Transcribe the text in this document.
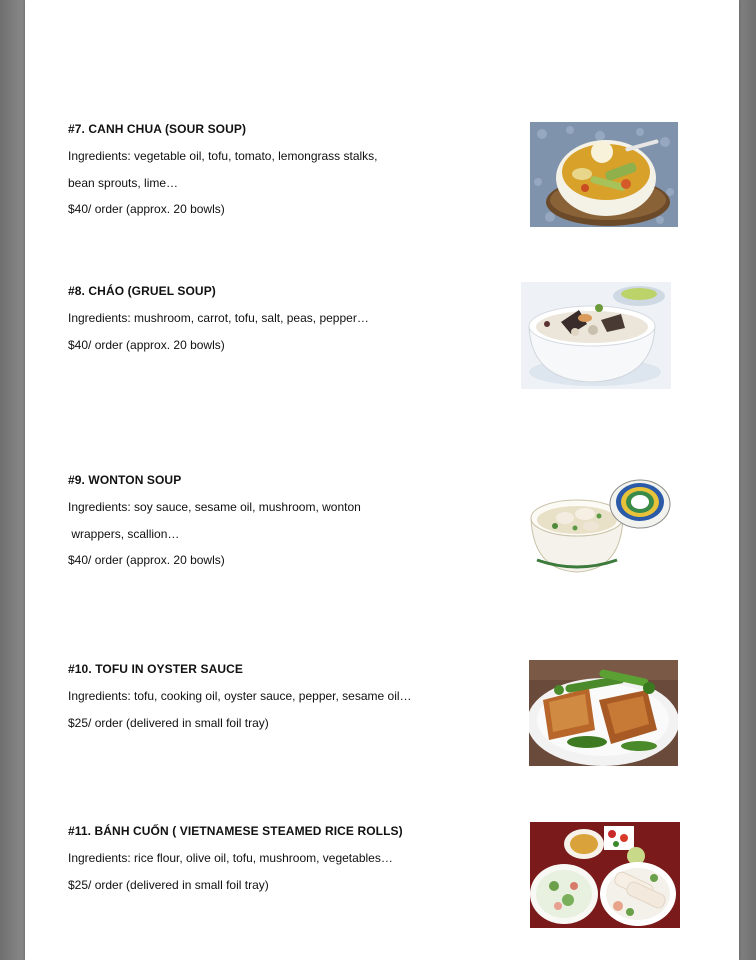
#7. CANH CHUA (SOUR SOUP)
Ingredients: vegetable oil, tofu, tomato, lemongrass stalks,
bean sprouts, lime…
$40/ order (approx. 20 bowls)
#8. CHÁO (GRUEL SOUP)
Ingredients: mushroom, carrot, tofu, salt, peas, pepper…
$40/ order (approx. 20 bowls)
#9. WONTON SOUP
Ingredients: soy sauce, sesame oil, mushroom, wonton
wrappers, scallion…
$40/ order (approx. 20 bowls)
#10. TOFU IN OYSTER SAUCE
Ingredients: tofu, cooking oil, oyster sauce, pepper, sesame oil…
$25/ order (delivered in small foil tray)
#11. BÁNH CUỐN ( VIETNAMESE STEAMED RICE ROLLS)
Ingredients: rice flour, olive oil, tofu, mushroom, vegetables…
$25/ order (delivered in small foil tray)
